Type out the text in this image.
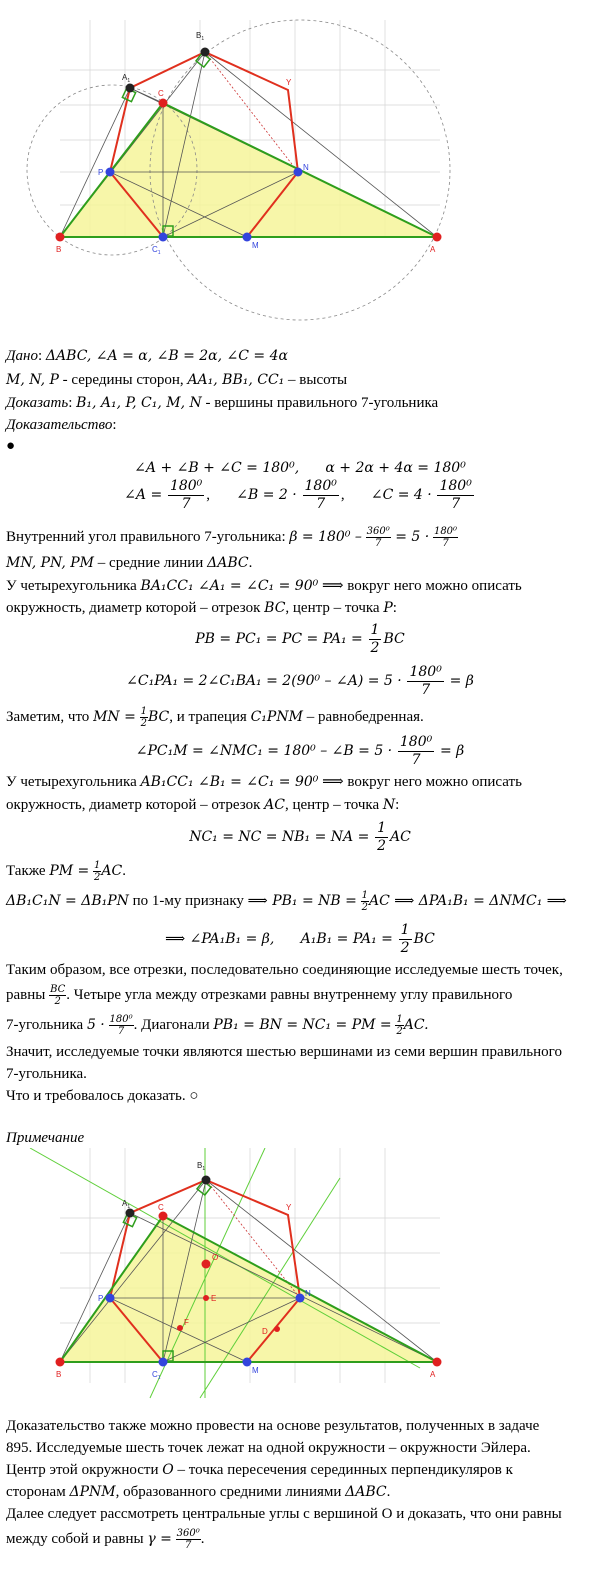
$B_1$
$A_1$
C
Y
P
N
B	$C_1$
M	A
Дано: ΔABC, ∠A = α, ∠B = 2α, ∠C = 4α
M, N, P - середины сторон, AA₁, BB₁, CC₁ – высоты
Доказать: B₁, A₁, P, C₁, M, N - вершины правильного 7-угольника
Доказательство:
●
∠A + ∠B + ∠C = 180⁰, α + 2α + 4α = 180⁰
∠A = $\frac{\text{180⁰}}{7}$ , ∠B = $2 \cdot \frac{\text{180⁰}}{7}$ , ∠C = $4 \cdot \frac{\text{180⁰}}{7}$
Внутренний угол правильного 7-угольника: $\beta = 180^0 - \frac{\text{360⁰}}{7} = 5 \cdot \frac{\text{180⁰}}{7}$
MN, PN, PM – средние линии ΔABC.
У четырехугольника BA₁CC₁ ∠A₁ = ∠C₁ = 90⁰ ⟹ вокруг него можно описать
окружность, диаметр которой – отрезок BC, центр – точка P:
PB = PC₁ = PC = $PA_1 = \frac{1}{2}$ BC
∠C₁PA₁ = 2∠C₁BA₁ = 2(90⁰ – ∠A) = $5 \cdot \frac{\text{180⁰}}{7} = \beta$
Заметим, что MN = $\frac{1}{2}$ BC, и трапеция C₁PNM – равнобедренная.
∠PC₁M = ∠NMC₁ = 180⁰ – ∠B = $5 \cdot \frac{\text{180⁰}}{7} = \beta$
У четырехугольника AB₁CC₁ ∠B₁ = ∠C₁ = 90⁰ ⟹ вокруг него можно описать
окружность, диаметр которой – отрезок AC, центр – точка N:
NC₁ = NC = NB₁ = NA = $\frac{1}{2}$ AC
Также PM = $\frac{1}{2}$ AC.
ΔB₁C₁N = ΔB₁PN по 1-му признаку ⟹ PB₁ = NB = $\frac{1}{2}$ AC ⟹ ΔPA₁B₁ = ΔNMC₁ ⟹
⟹ ∠PA₁B₁ = β, $A_1B_1 = PA_1 = \frac{1}{2}$ BC
Таким образом, все отрезки, последовательно соединяющие исследуемые шесть точек,
равны $\frac{BC}{2}$ . Четыре угла между отрезками равны внутреннему углу правильного
7-угольника $5 \cdot \frac{\text{180⁰}}{7}$ . Диагонали PB₁ = BN = NC₁ = PM = $\frac{1}{2}$ AC.
Значит, исследуемые точки являются шестью вершинами из семи вершин правильного
7-угольника.
Что и требовалось доказать. ○
Примечание
$B_1$
$A_1$	C	Y
O
E
F
D
P
N
B	$C_1$
M	A
Доказательство также можно провести на основе результатов, полученных в задаче
895. Исследуемые шесть точек лежат на одной окружности – окружности Эйлера.
Центр этой окружности O – точка пересечения серединных перпендикуляров к
сторонам ΔPNM, образованного средними линиями ΔABC.
Далее следует рассмотреть центральные углы с вершиной O и доказать, что они равны
между собой и равны $\gamma = \frac{\text{360⁰}}{7}$ .
